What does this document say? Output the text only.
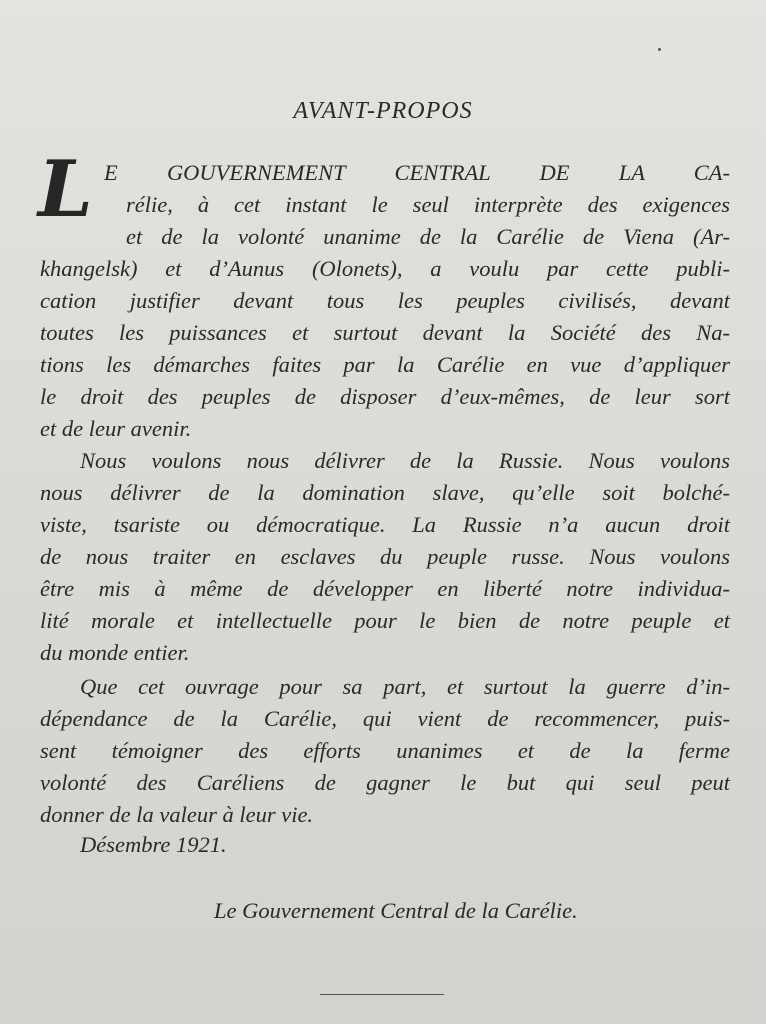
AVANT-PROPOS
L E GOUVERNEMENT CENTRAL DE LA CA-
rélie, à cet instant le seul interprète des exigences
et de la volonté unanime de la Carélie de Viena (Ar-
khangelsk) et d’Aunus (Olonets), a voulu par cette publi-
cation justifier devant tous les peuples civilisés, devant
toutes les puissances et surtout devant la Société des Na-
tions les démarches faites par la Carélie en vue d’appliquer
le droit des peuples de disposer d’eux-mêmes, de leur sort
et de leur avenir.
Nous voulons nous délivrer de la Russie. Nous voulons
nous délivrer de la domination slave, qu’elle soit bolché-
viste, tsariste ou démocratique. La Russie n’a aucun droit
de nous traiter en esclaves du peuple russe. Nous voulons
être mis à même de développer en liberté notre individua-
lité morale et intellectuelle pour le bien de notre peuple et
du monde entier.
Que cet ouvrage pour sa part, et surtout la guerre d’in-
dépendance de la Carélie, qui vient de recommencer, puis-
sent témoigner des efforts unanimes et de la ferme
volonté des Caréliens de gagner le but qui seul peut
donner de la valeur à leur vie.
Désembre 1921.
Le Gouvernement Central de la Carélie.
